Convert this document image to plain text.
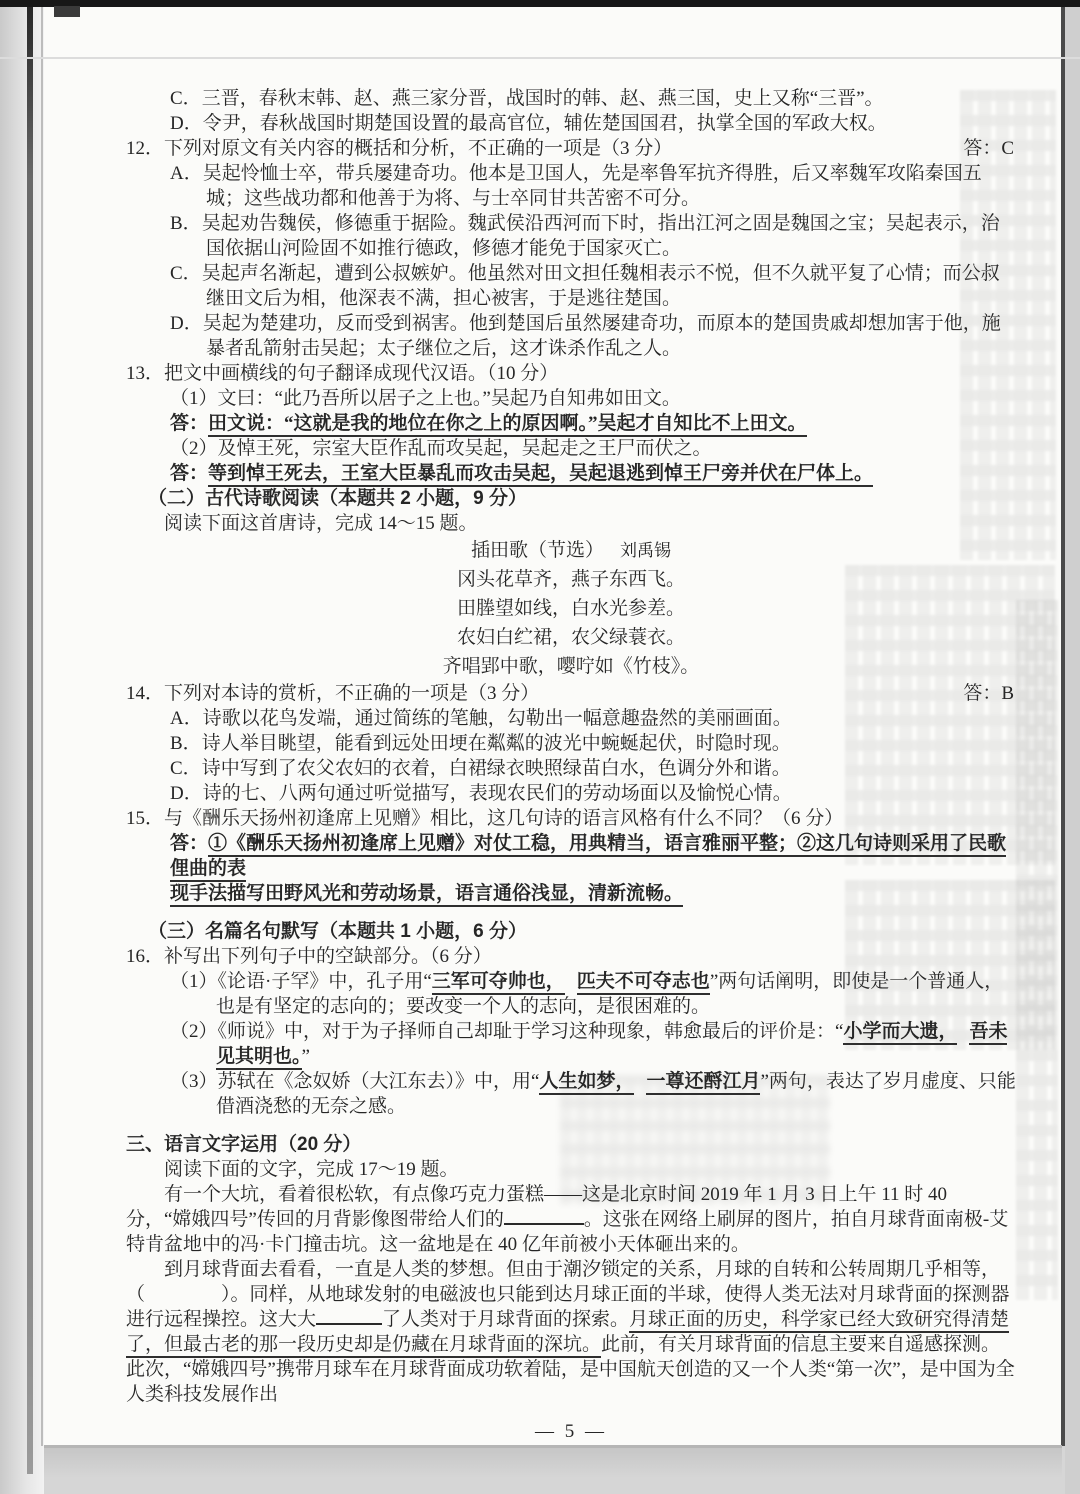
C．三晋，春秋末韩、赵、燕三家分晋，战国时的韩、赵、燕三国，史上又称“三晋”。
D．令尹，春秋战国时期楚国设置的最高官位，辅佐楚国国君，执掌全国的军政大权。
12．下列对原文有关内容的概括和分析，不正确的一项是（3 分）	答：C
A．吴起怜恤士卒，带兵屡建奇功。他本是卫国人，先是率鲁军抗齐得胜，后又率魏军攻陷秦国五城；这些战功都和他善于为将、与士卒同甘共苦密不可分。
B．吴起劝告魏侯，修德重于据险。魏武侯沿西河而下时，指出江河之固是魏国之宝；吴起表示，治国依据山河险固不如推行德政，修德才能免于国家灭亡。
C．吴起声名渐起，遭到公叔嫉妒。他虽然对田文担任魏相表示不悦，但不久就平复了心情；而公叔继田文后为相，他深表不满，担心被害，于是逃往楚国。
D．吴起为楚建功，反而受到祸害。他到楚国后虽然屡建奇功，而原本的楚国贵戚却想加害于他，施暴者乱箭射击吴起；太子继位之后，这才诛杀作乱之人。
13．把文中画横线的句子翻译成现代汉语。（10 分）
（1）文曰：“此乃吾所以居子之上也。”吴起乃自知弗如田文。
答：田文说：“这就是我的地位在你之上的原因啊。”吴起才自知比不上田文。
（2）及悼王死，宗室大臣作乱而攻吴起，吴起走之王尸而伏之。
答：等到悼王死去，王室大臣暴乱而攻击吴起，吴起退逃到悼王尸旁并伏在尸体上。
（二）古代诗歌阅读（本题共 2 小题，9 分）
阅读下面这首唐诗，完成 14～15 题。
插田歌（节选） 刘禹锡
冈头花草齐，燕子东西飞。
田塍望如线，白水光参差。
农妇白纻裙，农父绿蓑衣。
齐唱郢中歌，嘤咛如《竹枝》。
14．下列对本诗的赏析，不正确的一项是（3 分）	答：B
A．诗歌以花鸟发端，通过简练的笔触，勾勒出一幅意趣盎然的美丽画面。
B．诗人举目眺望，能看到远处田埂在粼粼的波光中蜿蜒起伏，时隐时现。
C．诗中写到了农父农妇的衣着，白裙绿衣映照绿苗白水，色调分外和谐。
D．诗的七、八两句通过听觉描写，表现农民们的劳动场面以及愉悦心情。
15．与《酬乐天扬州初逢席上见赠》相比，这几句诗的语言风格有什么不同？（6 分）
答：①《酬乐天扬州初逢席上见赠》对仗工稳，用典精当，语言雅丽平整；②这几句诗则采用了民歌俚曲的表
现手法描写田野风光和劳动场景，语言通俗浅显，清新流畅。
（三）名篇名句默写（本题共 1 小题，6 分）
16．补写出下列句子中的空缺部分。（6 分）
（1）《论语·子罕》中，孔子用“三军可夺帅也， 匹夫不可夺志也”两句话阐明，即使是一个普通人，也是有坚定的志向的；要改变一个人的志向，是很困难的。
（2）《师说》中，对于为子择师自己却耻于学习这种现象，韩愈最后的评价是：“小学而大遗， 吾未见其明也。”
（3）苏轼在《念奴娇（大江东去）》中，用“人生如梦， 一尊还酹江月”两句，表达了岁月虚度、只能借酒浇愁的无奈之感。
三、语言文字运用（20 分）
阅读下面的文字，完成 17～19 题。
有一个大坑，看着很松软，有点像巧克力蛋糕——这是北京时间 2019 年 1 月 3 日上午 11 时 40 分，“嫦娥四号”传回的月背影像图带给人们的	。这张在网络上刷屏的图片，拍自月球背面南极-艾特肯盆地中的冯·卡门撞击坑。这一盆地是在 40 亿年前被小天体砸出来的。
到月球背面去看看，一直是人类的梦想。但由于潮汐锁定的关系，月球的自转和公转周期几乎相等，（　　　　）。同样，从地球发射的电磁波也只能到达月球正面的半球，使得人类无法对月球背面的探测器进行远程操控。这大大	了人类对于月球背面的探索。月球正面的历史，科学家已经大致研究得清楚了，但最古老的那一段历史却是仍藏在月球背面的深坑。此前，有关月球背面的信息主要来自遥感探测。此次，“嫦娥四号”携带月球车在月球背面成功软着陆，是中国航天创造的又一个人类“第一次”，是中国为全人类科技发展作出
— 5 —
